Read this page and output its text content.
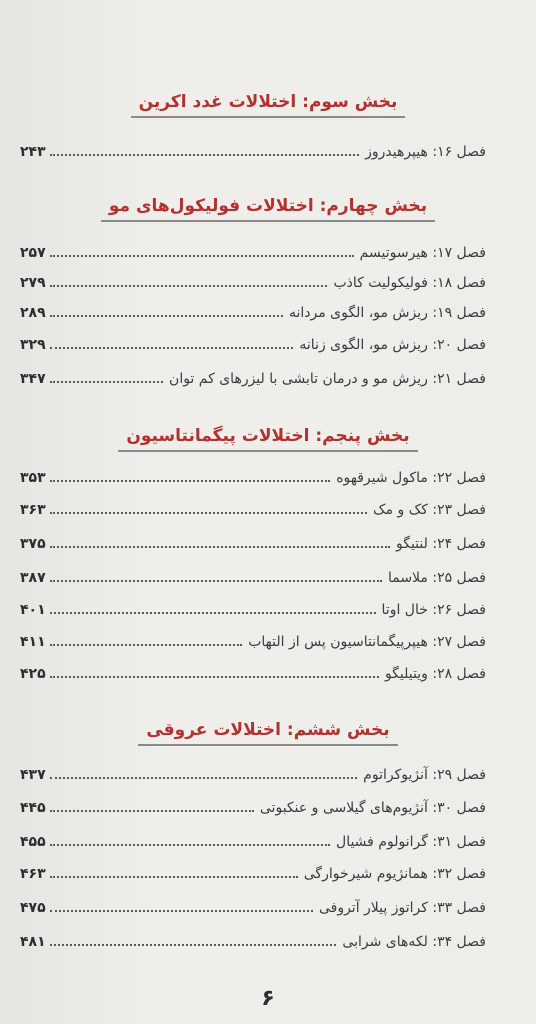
بخش سوم: اختلالات غدد اکرین
فصل ۱۶: هیپرهیدروز
۲۴۳
بخش چهارم: اختلالات فولیکول‌های مو
فصل ۱۷: هیرسوتیسم
۲۵۷
فصل ۱۸: فولیکولیت کاذب
۲۷۹
فصل ۱۹: ریزش مو، الگوی مردانه
۲۸۹
فصل ۲۰: ریزش مو، الگوی زنانه
۳۲۹
فصل ۲۱: ریزش مو و درمان تابشی با لیزرهای کم توان
۳۴۷
بخش پنجم: اختلالات پیگمانتاسیون
فصل ۲۲: ماکول شیرقهوه
۳۵۳
فصل ۲۳: کک و مک
۳۶۳
فصل ۲۴: لنتیگو
۳۷۵
فصل ۲۵: ملاسما
۳۸۷
فصل ۲۶: خال اوتا
۴۰۱
فصل ۲۷: هیپرپیگمانتاسیون پس از التهاب
۴۱۱
فصل ۲۸: ویتیلیگو
۴۲۵
بخش ششم: اختلالات عروقی
فصل ۲۹: آنژیوکراتوم
۴۳۷
فصل ۳۰: آنژیوم‌های گیلاسی و عنکبوتی
۴۴۵
فصل ۳۱: گرانولوم فشیال
۴۵۵
فصل ۳۲: همانژیوم شیرخوارگی
۴۶۳
فصل ۳۳: کراتوز پیلار آتروفی
۴۷۵
فصل ۳۴: لکه‌های شرابی
۴۸۱
۶
